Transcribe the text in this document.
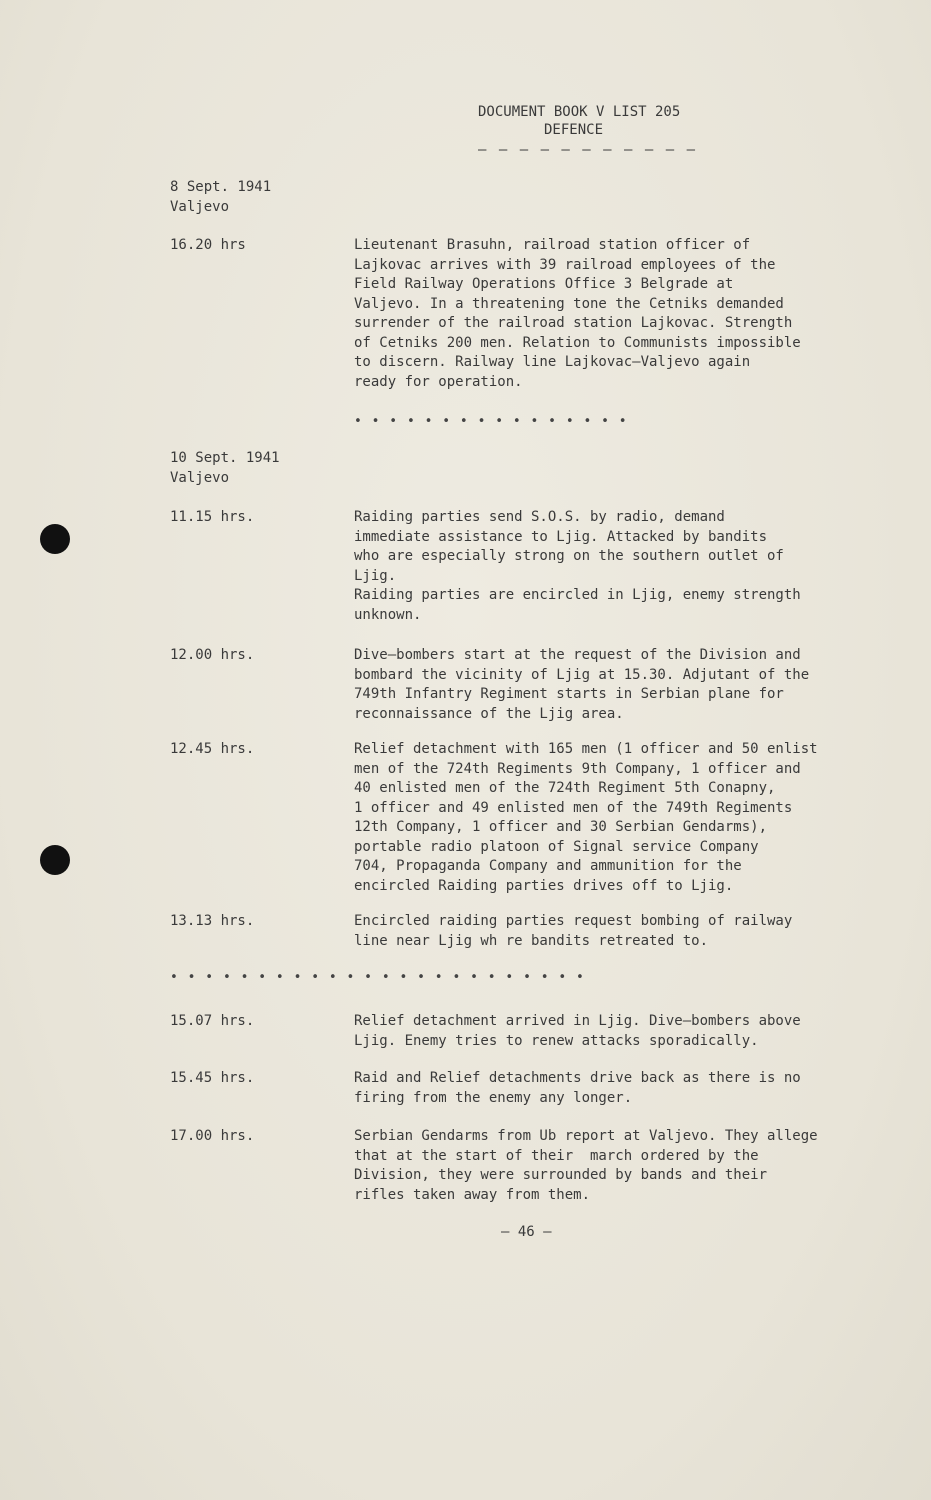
DOCUMENT BOOK V LIST 205
DEFENCE
– – – – – – – – – – –
8 Sept. 1941
Valjevo
16.20 hrs	Lieutenant Brasuhn, railroad station officer of
Lajkovac arrives with 39 railroad employees of the
Field Railway Operations Office 3 Belgrade at
Valjevo. In a threatening tone the Cetniks demanded
surrender of the railroad station Lajkovac. Strength
of Cetniks 200 men. Relation to Communists impossible
to discern. Railway line Lajkovac–Valjevo again
ready for operation.
• • • • • • • • • • • • • • • •
10 Sept. 1941
Valjevo
11.15 hrs.	Raiding parties send S.O.S. by radio, demand
immediate assistance to Ljig. Attacked by bandits
who are especially strong on the southern outlet of
Ljig.
Raiding parties are encircled in Ljig, enemy strength
unknown.
12.00 hrs.	Dive–bombers start at the request of the Division and
bombard the vicinity of Ljig at 15.30. Adjutant of the
749th Infantry Regiment starts in Serbian plane for
reconnaissance of the Ljig area.
12.45 hrs.	Relief detachment with 165 men (1 officer and 50 enlist
men of the 724th Regiments 9th Company, 1 officer and
40 enlisted men of the 724th Regiment 5th Conapny,
1 officer and 49 enlisted men of the 749th Regiments
12th Company, 1 officer and 30 Serbian Gendarms),
portable radio platoon of Signal service Company
704, Propaganda Company and ammunition for the
encircled Raiding parties drives off to Ljig.
13.13 hrs.	Encircled raiding parties request bombing of railway
line near Ljig wh re bandits retreated to.
• • • • • • • • • • • • • • • • • • • • • • • •
15.07 hrs.	Relief detachment arrived in Ljig. Dive–bombers above
Ljig. Enemy tries to renew attacks sporadically.
15.45 hrs.	Raid and Relief detachments drive back as there is no
firing from the enemy any longer.
17.00 hrs.	Serbian Gendarms from Ub report at Valjevo. They allege
that at the start of their  march ordered by the
Division, they were surrounded by bands and their
rifles taken away from them.
– 46 –
